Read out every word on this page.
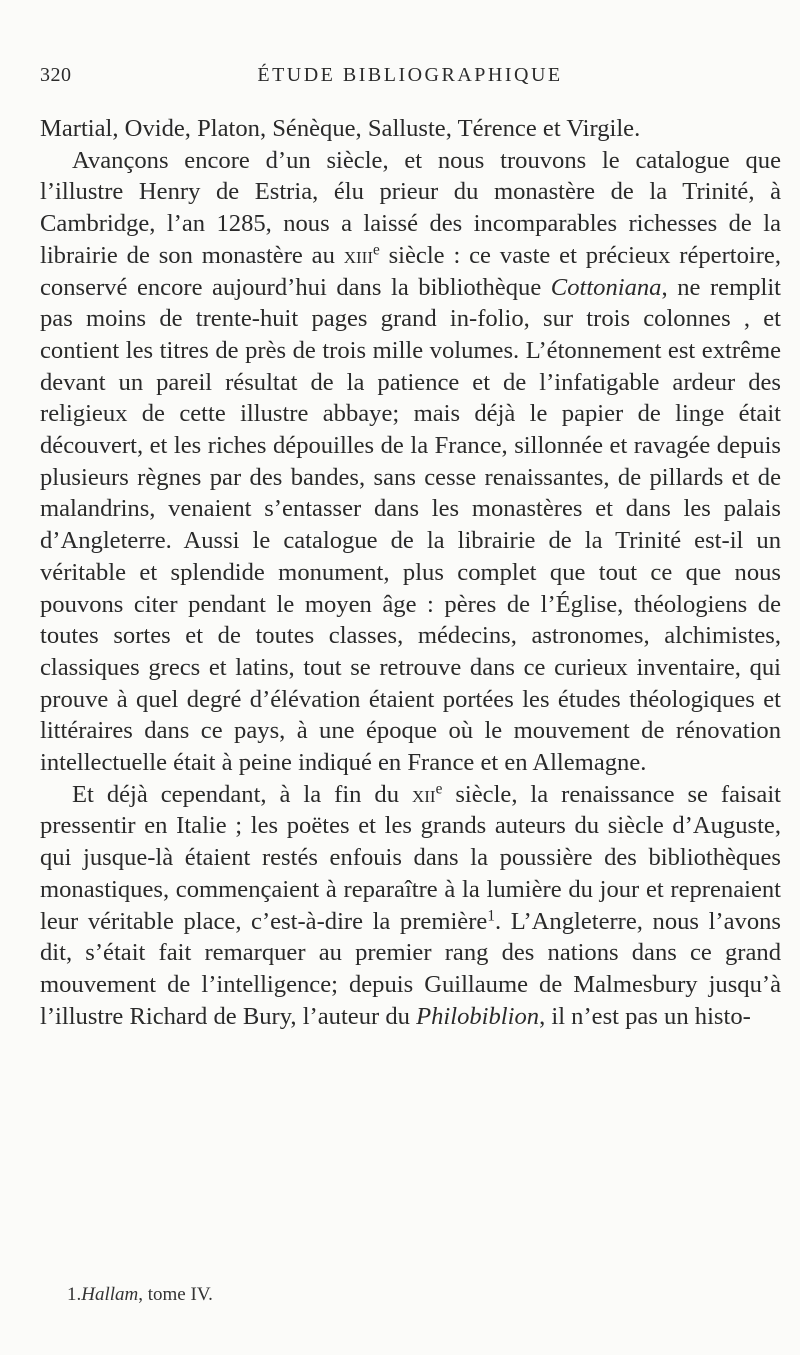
320	ÉTUDE BIBLIOGRAPHIQUE

Martial, Ovide, Platon, Sénèque, Salluste, Térence et Virgile.

Avançons encore d’un siècle, et nous trouvons le catalogue que l’illustre Henry de Estria, élu prieur du monastère de la Trinité, à Cambridge, l’an 1285, nous a laissé des incomparables richesses de la librairie de son monastère au xiii$^e$ siècle : ce vaste et précieux répertoire, conservé encore aujourd’hui dans la bibliothèque Cottoniana, ne remplit pas moins de trente-huit pages grand in-folio, sur trois colonnes , et contient les titres de près de trois mille volumes. L’étonnement est extrême devant un pareil résultat de la patience et de l’infatigable ardeur des religieux de cette illustre abbaye; mais déjà le papier de linge était découvert, et les riches dépouilles de la France, sillonnée et ravagée depuis plusieurs règnes par des bandes, sans cesse renaissantes, de pillards et de malandrins, venaient s’entasser dans les monastères et dans les palais d’Angleterre. Aussi le catalogue de la librairie de la Trinité est-il un véritable et splendide monument, plus complet que tout ce que nous pouvons citer pendant le moyen âge : pères de l’Église, théologiens de toutes sortes et de toutes classes, médecins, astronomes, alchimistes, classiques grecs et latins, tout se retrouve dans ce curieux inventaire, qui prouve à quel degré d’élévation étaient portées les études théologiques et littéraires dans ce pays, à une époque où le mouvement de rénovation intellectuelle était à peine indiqué en France et en Allemagne.

Et déjà cependant, à la fin du xii$^e$ siècle, la renaissance se faisait pressentir en Italie ; les poëtes et les grands auteurs du siècle d’Auguste, qui jusque-là étaient restés enfouis dans la poussière des bibliothèques monastiques, commençaient à reparaître à la lumière du jour et reprenaient leur véritable place, c’est-à-dire la première$^1$. L’Angleterre, nous l’avons dit, s’était fait remarquer au premier rang des nations dans ce grand mouvement de l’intelligence; depuis Guillaume de Malmesbury jusqu’à l’illustre Richard de Bury, l’auteur du Philobiblion, il n’est pas un histo-

1.Hallam, tome IV.
